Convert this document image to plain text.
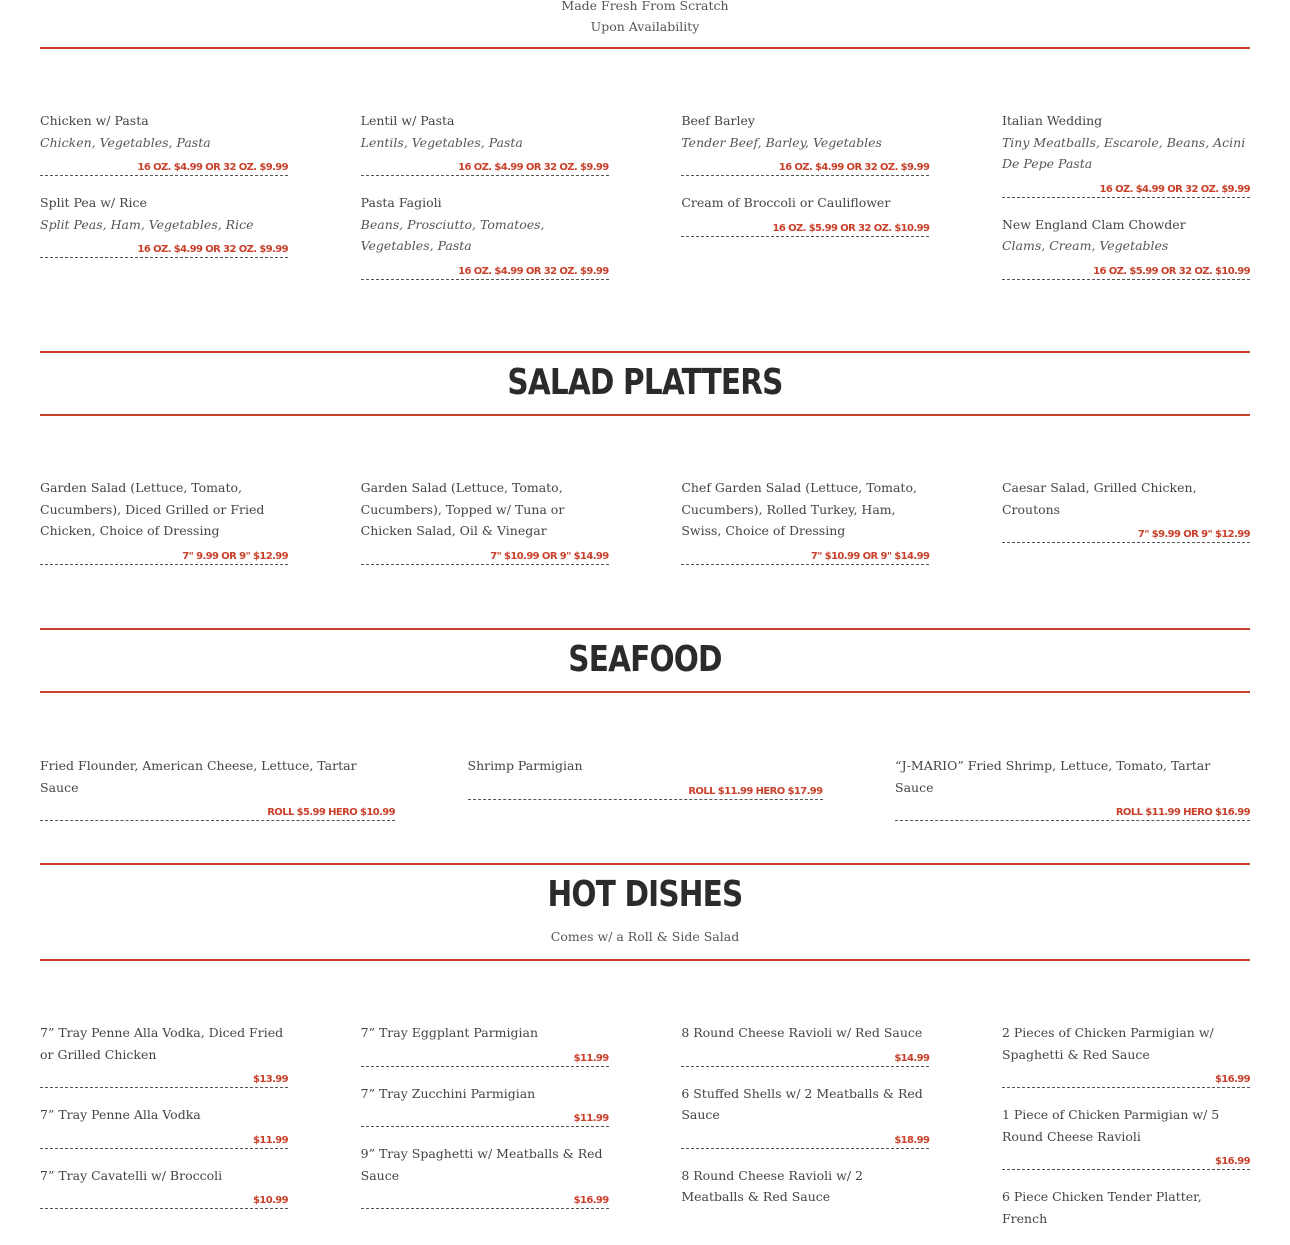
Made Fresh From Scratch
Upon Availability
Chicken w/ Pasta
Chicken, Vegetables, Pasta
16 OZ. $4.99 OR 32 OZ. $9.99
Split Pea w/ Rice
Split Peas, Ham, Vegetables, Rice
16 OZ. $4.99 OR 32 OZ. $9.99
Lentil w/ Pasta
Lentils, Vegetables, Pasta
16 OZ. $4.99 OR 32 OZ. $9.99
Pasta Fagioli
Beans, Prosciutto, Tomatoes, Vegetables, Pasta
16 OZ. $4.99 OR 32 OZ. $9.99
Beef Barley
Tender Beef, Barley, Vegetables
16 OZ. $4.99 OR 32 OZ. $9.99
Cream of Broccoli or Cauliflower
16 OZ. $5.99 OR 32 OZ. $10.99
Italian Wedding
Tiny Meatballs, Escarole, Beans, Acini De Pepe Pasta
16 OZ. $4.99 OR 32 OZ. $9.99
New England Clam Chowder
Clams, Cream, Vegetables
16 OZ. $5.99 OR 32 OZ. $10.99
SALAD PLATTERS
Garden Salad (Lettuce, Tomato, Cucumbers), Diced Grilled or Fried Chicken, Choice of Dressing
7" 9.99 OR 9" $12.99
Garden Salad (Lettuce, Tomato, Cucumbers), Topped w/ Tuna or Chicken Salad, Oil & Vinegar
7" $10.99 OR 9" $14.99
Chef Garden Salad (Lettuce, Tomato, Cucumbers), Rolled Turkey, Ham, Swiss, Choice of Dressing
7" $10.99 OR 9" $14.99
Caesar Salad, Grilled Chicken, Croutons
7" $9.99 OR 9" $12.99
SEAFOOD
Fried Flounder, American Cheese, Lettuce, Tartar Sauce
ROLL $5.99 HERO $10.99
Shrimp Parmigian
ROLL $11.99 HERO $17.99
“J-MARIO” Fried Shrimp, Lettuce, Tomato, Tartar Sauce
ROLL $11.99 HERO $16.99
HOT DISHES
Comes w/ a Roll & Side Salad
7” Tray Penne Alla Vodka, Diced Fried or Grilled Chicken
$13.99
7” Tray Penne Alla Vodka
$11.99
7” Tray Cavatelli w/ Broccoli
$10.99
7” Tray Eggplant Parmigian
$11.99
7” Tray Zucchini Parmigian
$11.99
9” Tray Spaghetti w/ Meatballs & Red Sauce
$16.99
8 Round Cheese Ravioli w/ Red Sauce
$14.99
6 Stuffed Shells w/ 2 Meatballs & Red Sauce
$18.99
8 Round Cheese Ravioli w/ 2 Meatballs & Red Sauce
2 Pieces of Chicken Parmigian w/ Spaghetti & Red Sauce
$16.99
1 Piece of Chicken Parmigian w/ 5 Round Cheese Ravioli
$16.99
6 Piece Chicken Tender Platter, French
